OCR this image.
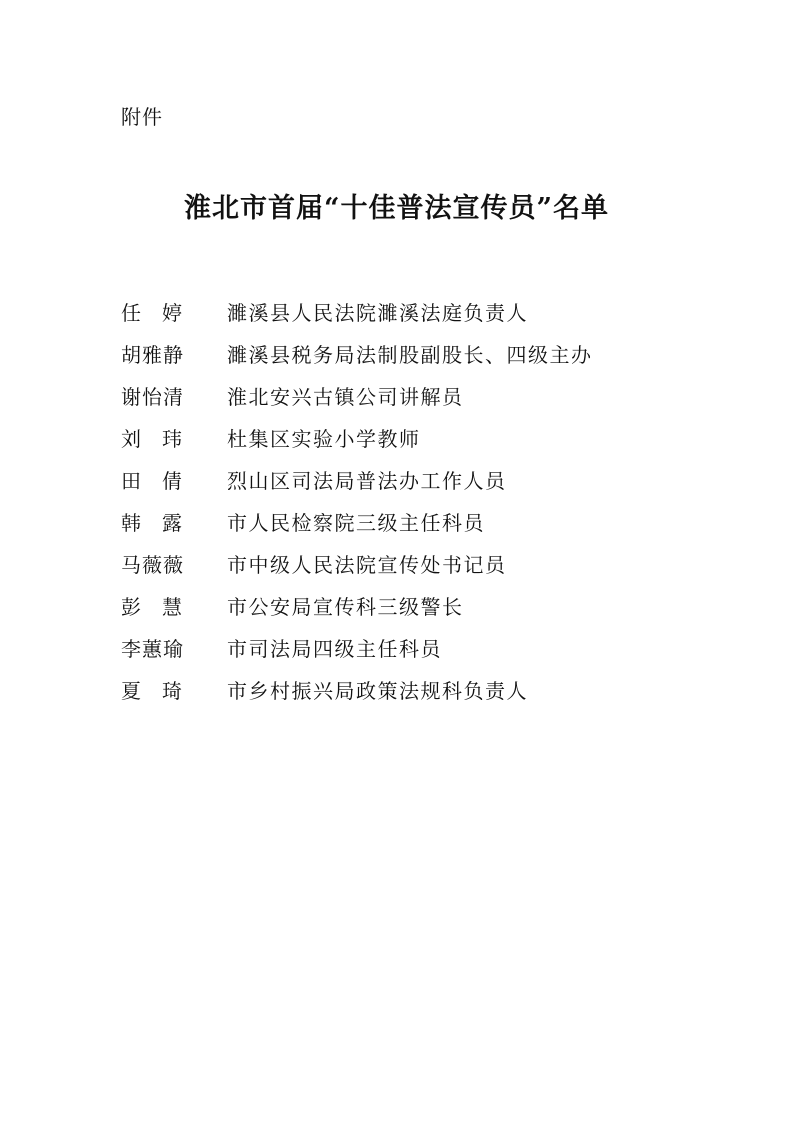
附件
淮北市首届“十佳普法宣传员”名单
任婷	濉溪县人民法院濉溪法庭负责人
胡雅静	濉溪县税务局法制股副股长、四级主办
谢怡清	淮北安兴古镇公司讲解员
刘玮	杜集区实验小学教师
田倩	烈山区司法局普法办工作人员
韩露	市人民检察院三级主任科员
马薇薇	市中级人民法院宣传处书记员
彭慧	市公安局宣传科三级警长
李蕙瑜	市司法局四级主任科员
夏琦	市乡村振兴局政策法规科负责人
